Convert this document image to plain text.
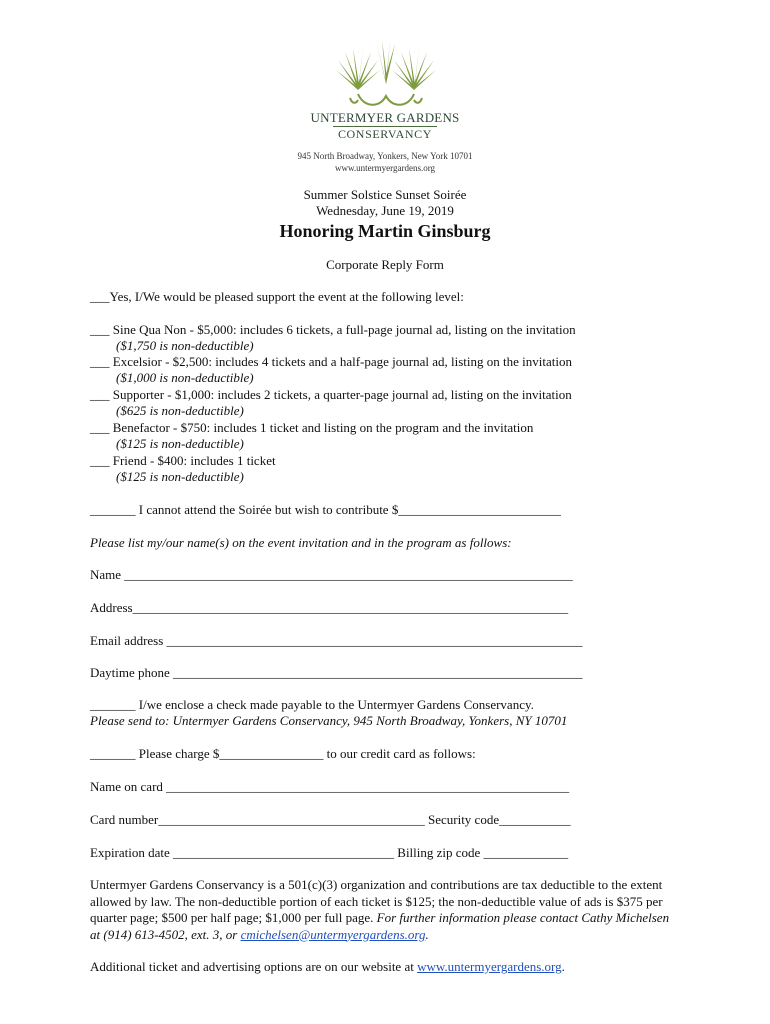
UNTERMYER GARDENS
CONSERVANCY
945 North Broadway, Yonkers, New York 10701
www.untermyergardens.org
Summer Solstice Sunset Soirée
Wednesday, June 19, 2019
Honoring Martin Ginsburg
Corporate Reply Form
___Yes, I/We would be pleased support the event at the following level:
___ Sine Qua Non - $5,000: includes 6 tickets, a full-page journal ad, listing on the invitation
($1,750 is non-deductible)
___ Excelsior - $2,500: includes 4 tickets and a half-page journal ad, listing on the invitation
($1,000 is non-deductible)
___ Supporter - $1,000: includes 2 tickets, a quarter-page journal ad, listing on the invitation
($625 is non-deductible)
___ Benefactor - $750: includes 1 ticket and listing on the program and the invitation
($125 is non-deductible)
___ Friend - $400: includes 1 ticket
($125 is non-deductible)
_______ I cannot attend the Soirée but wish to contribute $_________________________
Please list my/our name(s) on the event invitation and in the program as follows:
Name _____________________________________________________________________
Address___________________________________________________________________
Email address ________________________________________________________________
Daytime phone _______________________________________________________________
_______ I/we enclose a check made payable to the Untermyer Gardens Conservancy.
Please send to: Untermyer Gardens Conservancy, 945 North Broadway, Yonkers, NY 10701
_______ Please charge $________________ to our credit card as follows:
Name on card ______________________________________________________________
Card number_________________________________________ Security code___________
Expiration date __________________________________ Billing zip code _____________
Untermyer Gardens Conservancy is a 501(c)(3) organization and contributions are tax deductible to the extent allowed by law. The non-deductible portion of each ticket is $125; the non-deductible value of ads is $375 per quarter page; $500 per half page; $1,000 per full page. For further information please contact Cathy Michelsen at (914) 613-4502, ext. 3, or cmichelsen@untermyergardens.org.
Additional ticket and advertising options are on our website at www.untermyergardens.org.
